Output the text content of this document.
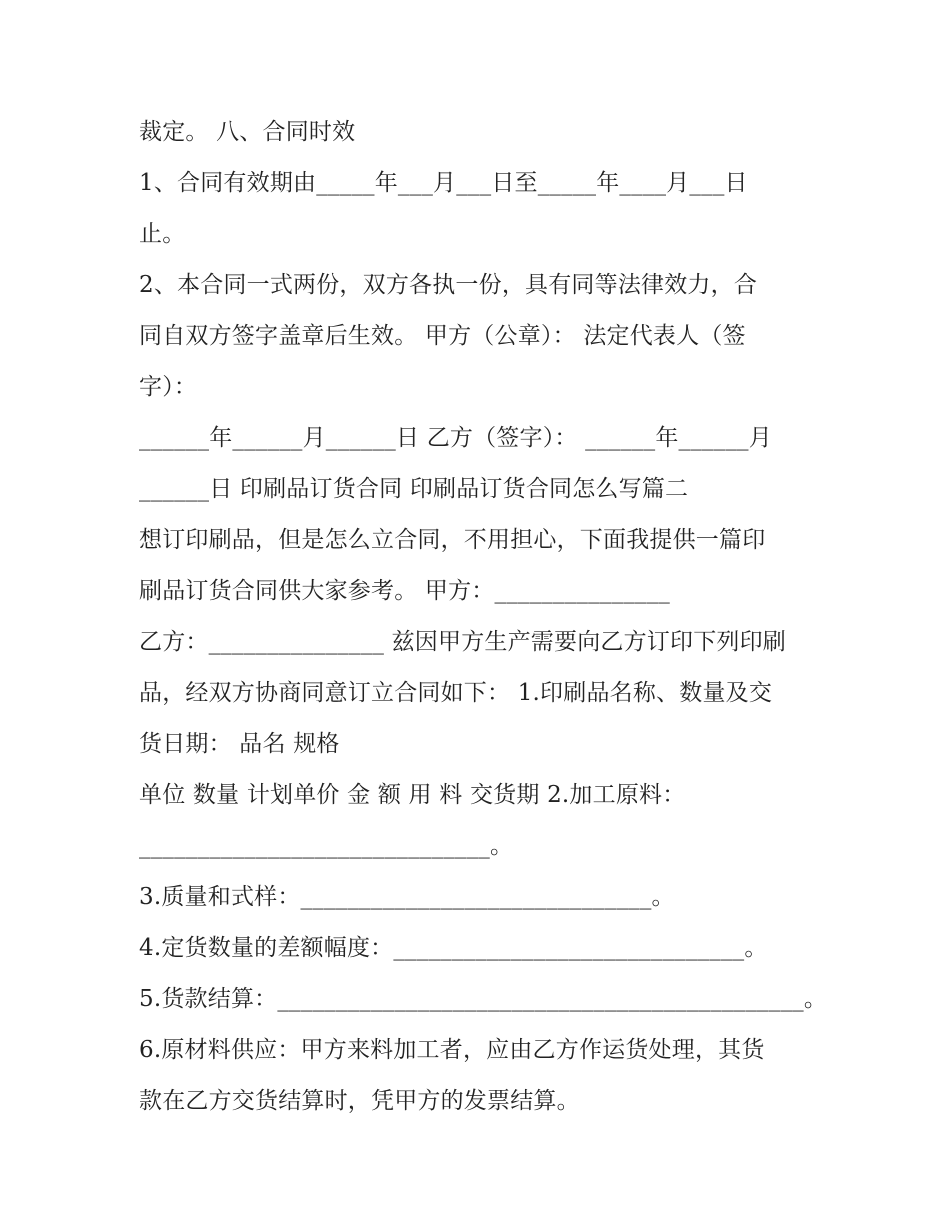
裁定。 八、合同时效
1、合同有效期由_____年___月___日至_____年____月___日
止。
2、本合同一式两份，双方各执一份，具有同等法律效力，合
同自双方签字盖章后生效。 甲方（公章）： 法定代表人（签
字）：
______年______月______日 乙方（签字）： ______年______月
______日 印刷品订货合同 印刷品订货合同怎么写篇二
想订印刷品，但是怎么立合同，不用担心，下面我提供一篇印
刷品订货合同供大家参考。 甲方：_______________
乙方：_______________ 兹因甲方生产需要向乙方订印下列印刷
品，经双方协商同意订立合同如下： 1.印刷品名称、数量及交
货日期： 品名 规格
单位 数量 计划单价 金 额 用 料 交货期 2.加工原料：
______________________________。
3.质量和式样：______________________________。
4.定货数量的差额幅度：______________________________。
5.货款结算：_____________________________________________。
6.原材料供应：甲方来料加工者，应由乙方作运货处理，其货
款在乙方交货结算时，凭甲方的发票结算。
